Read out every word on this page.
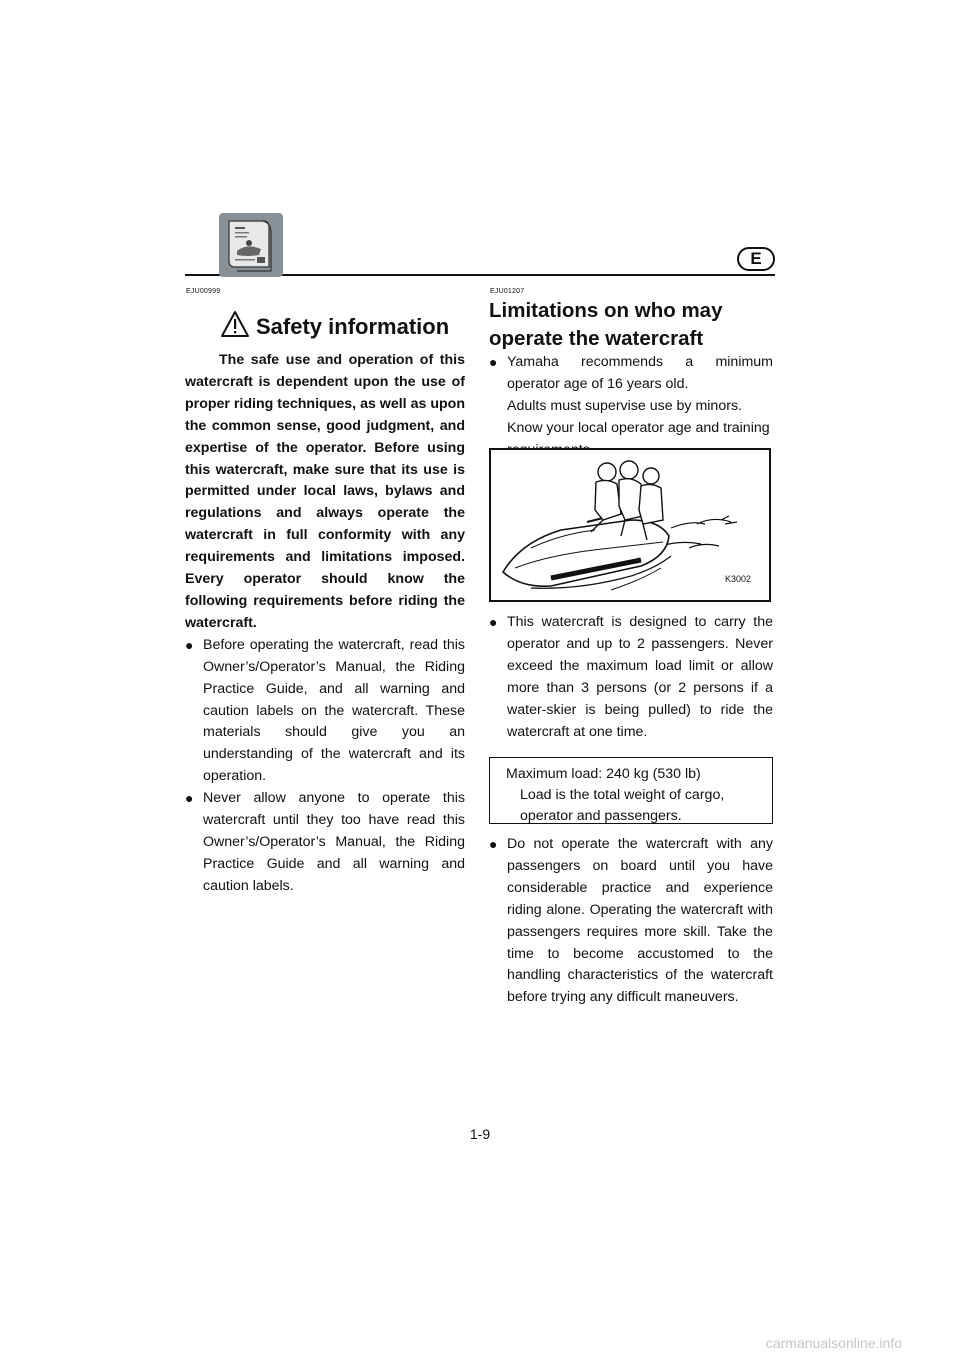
E
EJU00999
Safety information

The safe use and operation of this watercraft is dependent upon the use of proper riding techniques, as well as upon the common sense, good judgment, and expertise of the operator. Before using this watercraft, make sure that its use is permitted under local laws, bylaws and regulations and always operate the watercraft in full conformity with any requirements and limitations imposed. Every operator should know the following requirements before riding the watercraft.

● Before operating the watercraft, read this Owner’s/Operator’s Manual, the Riding Practice Guide, and all warning and caution labels on the watercraft. These materials should give you an understanding of the watercraft and its operation.
● Never allow anyone to operate this watercraft until they too have read this Owner’s/Operator’s Manual, the Riding Practice Guide and all warning and caution labels.
EJU01207
Limitations on who may
operate the watercraft
● Yamaha recommends a minimum operator age of 16 years old.
Adults must supervise use by minors.
Know your local operator age and training
K3002
● This watercraft is designed to carry the operator and up to 2 passengers. Never exceed the maximum load limit or allow more than 3 persons (or 2 persons if a water-skier is being pulled) to ride the watercraft at one time.
Maximum load: 240 kg (530 lb)
Load is the total weight of cargo, operator and passengers.
● Do not operate the watercraft with any passengers on board until you have considerable practice and experience riding alone. Operating the watercraft with passengers requires more skill. Take the time to become accustomed to the handling characteristics of the watercraft before trying any difficult maneuvers.
1-9
carmanualsonline.info
